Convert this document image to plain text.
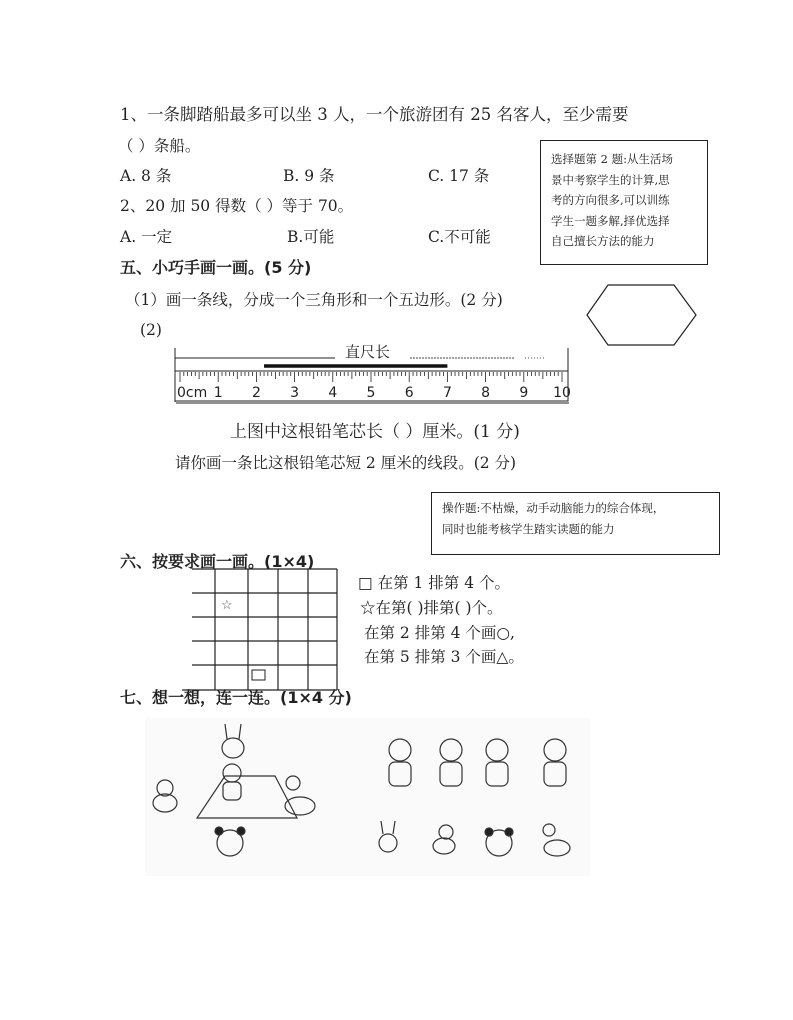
1、一条脚踏船最多可以坐 3 人，一个旅游团有 25 名客人，至少需要
（ ）条船。
A. 8 条	B. 9 条	C. 17 条
2、20 加 50 得数（ ）等于 70。
A. 一定	B.可能	C.不可能
选择题第 2 题:从生活场
景中考察学生的计算,思
考的方向很多,可以训练
学生一题多解,择优选择
自己擅长方法的能力
五、小巧手画一画。(5 分)
（1）画一条线，分成一个三角形和一个五边形。(2 分)
(2)
0cm 1 2 3 4 5 6 7 8 9 10
直尺长
上图中这根铅笔芯长（ ）厘米。(1 分)
请你画一条比这根铅笔芯短 2 厘米的线段。(2 分)
操作题:不枯燥，动手动脑能力的综合体现，
同时也能考核学生踏实读题的能力
六、按要求画一画。(1×4)
☆
□ 在第 1 排第 4 个。
☆在第( )排第( )个。
在第 2 排第 4 个画○,
在第 5 排第 3 个画△。
七、想一想，连一连。(1×4 分)
